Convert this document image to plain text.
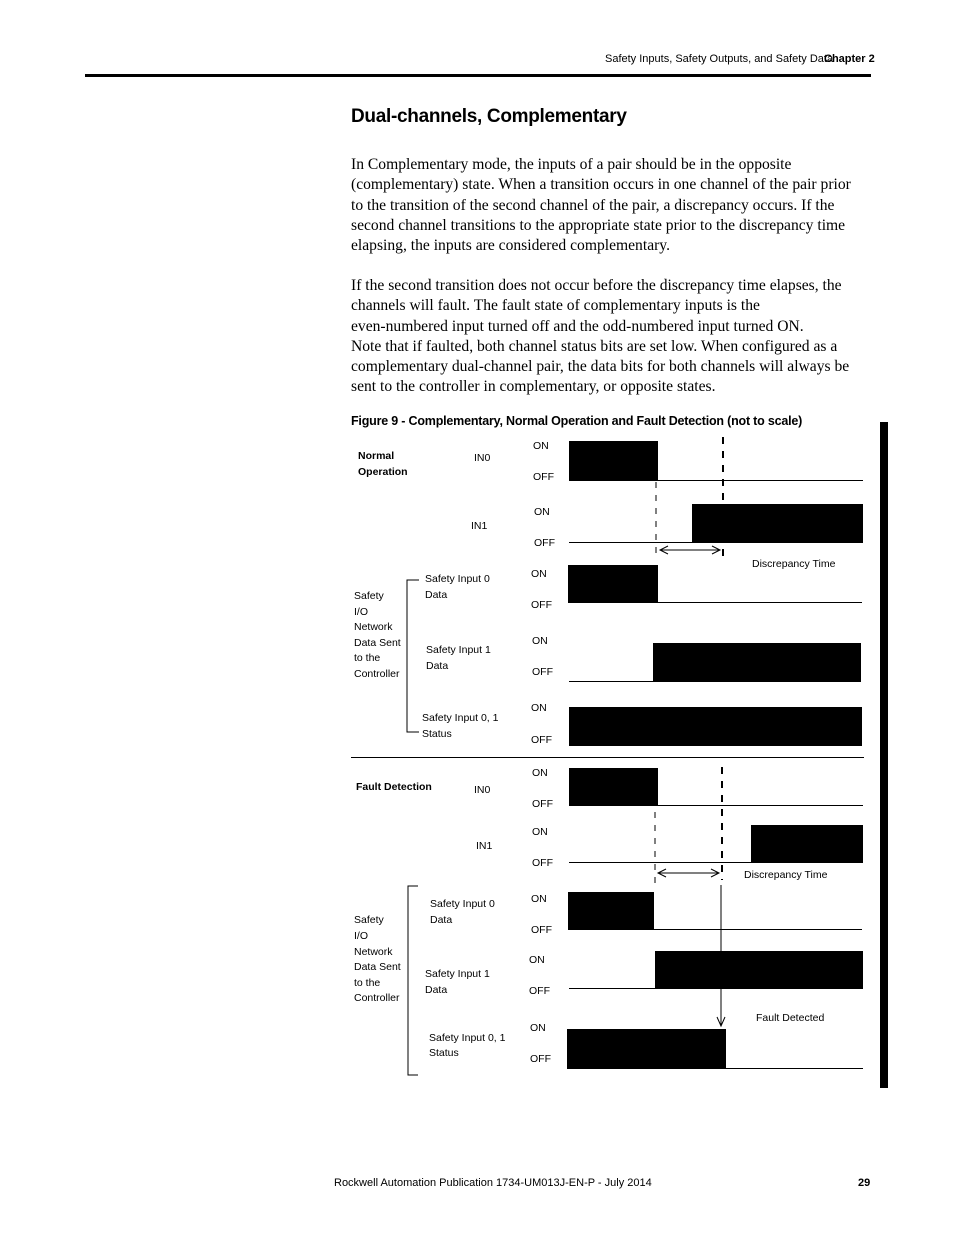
Safety Inputs, Safety Outputs, and Safety Data
Chapter 2
Dual-channels, Complementary

In Complementary mode, the inputs of a pair should be in the opposite
(complementary) state. When a transition occurs in one channel of the pair prior
to the transition of the second channel of the pair, a discrepancy occurs. If the
second channel transitions to the appropriate state prior to the discrepancy time
elapsing, the inputs are considered complementary.

If the second transition does not occur before the discrepancy time elapses, the
channels will fault. The fault state of complementary inputs is the
even-numbered input turned off and the odd-numbered input turned ON.
Note that if faulted, both channel status bits are set low. When configured as a
complementary dual-channel pair, the data bits for both channels will always be
sent to the controller in complementary, or opposite states.

Figure 9 - Complementary, Normal Operation and Fault Detection (not to scale)
Normal
Operation
Fault Detection
IN0
ON
OFF
IN1
ON
OFF
Discrepancy Time
Safety
I/O
Network
Data Sent
to the
Controller
Safety Input 0
Data
ON
OFF
Safety Input 1
Data
ON
OFF
Safety Input 0, 1
Status
ON
OFF
IN0
ON
OFF
IN1
ON
OFF
Discrepancy Time
Fault Detected
Safety
I/O
Network
Data Sent
to the
Controller
Safety Input 0
Data
ON
OFF
Safety Input 1
Data
ON
OFF
Safety Input 0, 1
Status
ON
OFF
Rockwell Automation Publication 1734-UM013J-EN-P - July 2014	29
